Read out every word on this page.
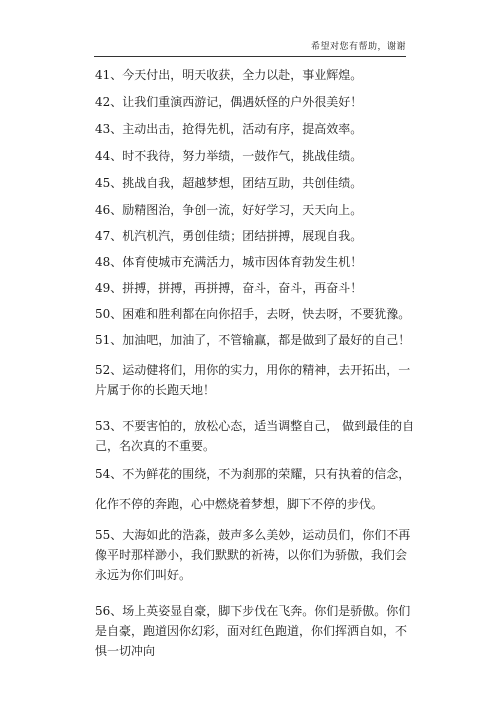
希望对您有帮助，谢谢
41、今天付出，明天收获，全力以赴，事业辉煌。
42、让我们重演西游记，偶遇妖怪的户外很美好！
43、主动出击，抢得先机，活动有序，提高效率。
44、时不我待，努力举绩，一鼓作气，挑战佳绩。
45、挑战自我，超越梦想，团结互助，共创佳绩。
46、励精图治，争创一流，好好学习，天天向上。
47、机汽机汽，勇创佳绩；团结拼搏，展现自我。
48、体育使城市充满活力，城市因体育勃发生机！
49、拼搏，拼搏，再拼搏，奋斗，奋斗，再奋斗！
50、困难和胜利都在向你招手，去呀，快去呀，不要犹豫。
51、加油吧，加油了，不管输赢，都是做到了最好的自己！
52、运动健将们，用你的实力，用你的精神，去开拓出，一片属于你的长跑天地！
53、不要害怕的，放松心态，适当调整自己， 做到最佳的自己，名次真的不重要。
54、不为鲜花的围绕，不为刹那的荣耀，只有执着的信念，化作不停的奔跑，心中燃烧着梦想，脚下不停的步伐。
55、大海如此的浩淼，鼓声多么美妙，运动员们，你们不再像平时那样渺小，我们默默的祈祷，以你们为骄傲，我们会永远为你们叫好。
56、场上英姿显自豪，脚下步伐在飞奔。你们是骄傲。你们是自豪，跑道因你幻彩，面对红色跑道，你们挥洒自如，不惧一切冲向
